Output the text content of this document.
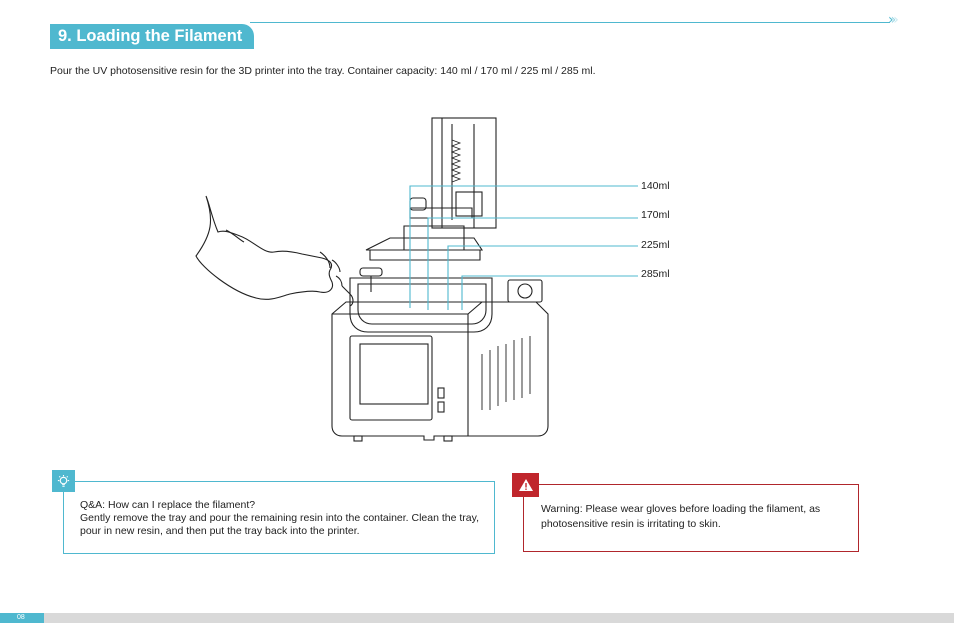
›››
9. Loading the Filament
Pour the UV photosensitive resin for the 3D printer into the tray. Container capacity: 140 ml / 170 ml / 225 ml / 285 ml.
140ml
170ml
225ml
285ml
Q&A: How can I replace the filament?
Gently remove the tray and pour the remaining resin into the container. Clean the tray, pour in new resin, and then put the tray back into the printer.
Warning: Please wear gloves before loading the filament, as photosensitive resin is irritating to skin.
08
